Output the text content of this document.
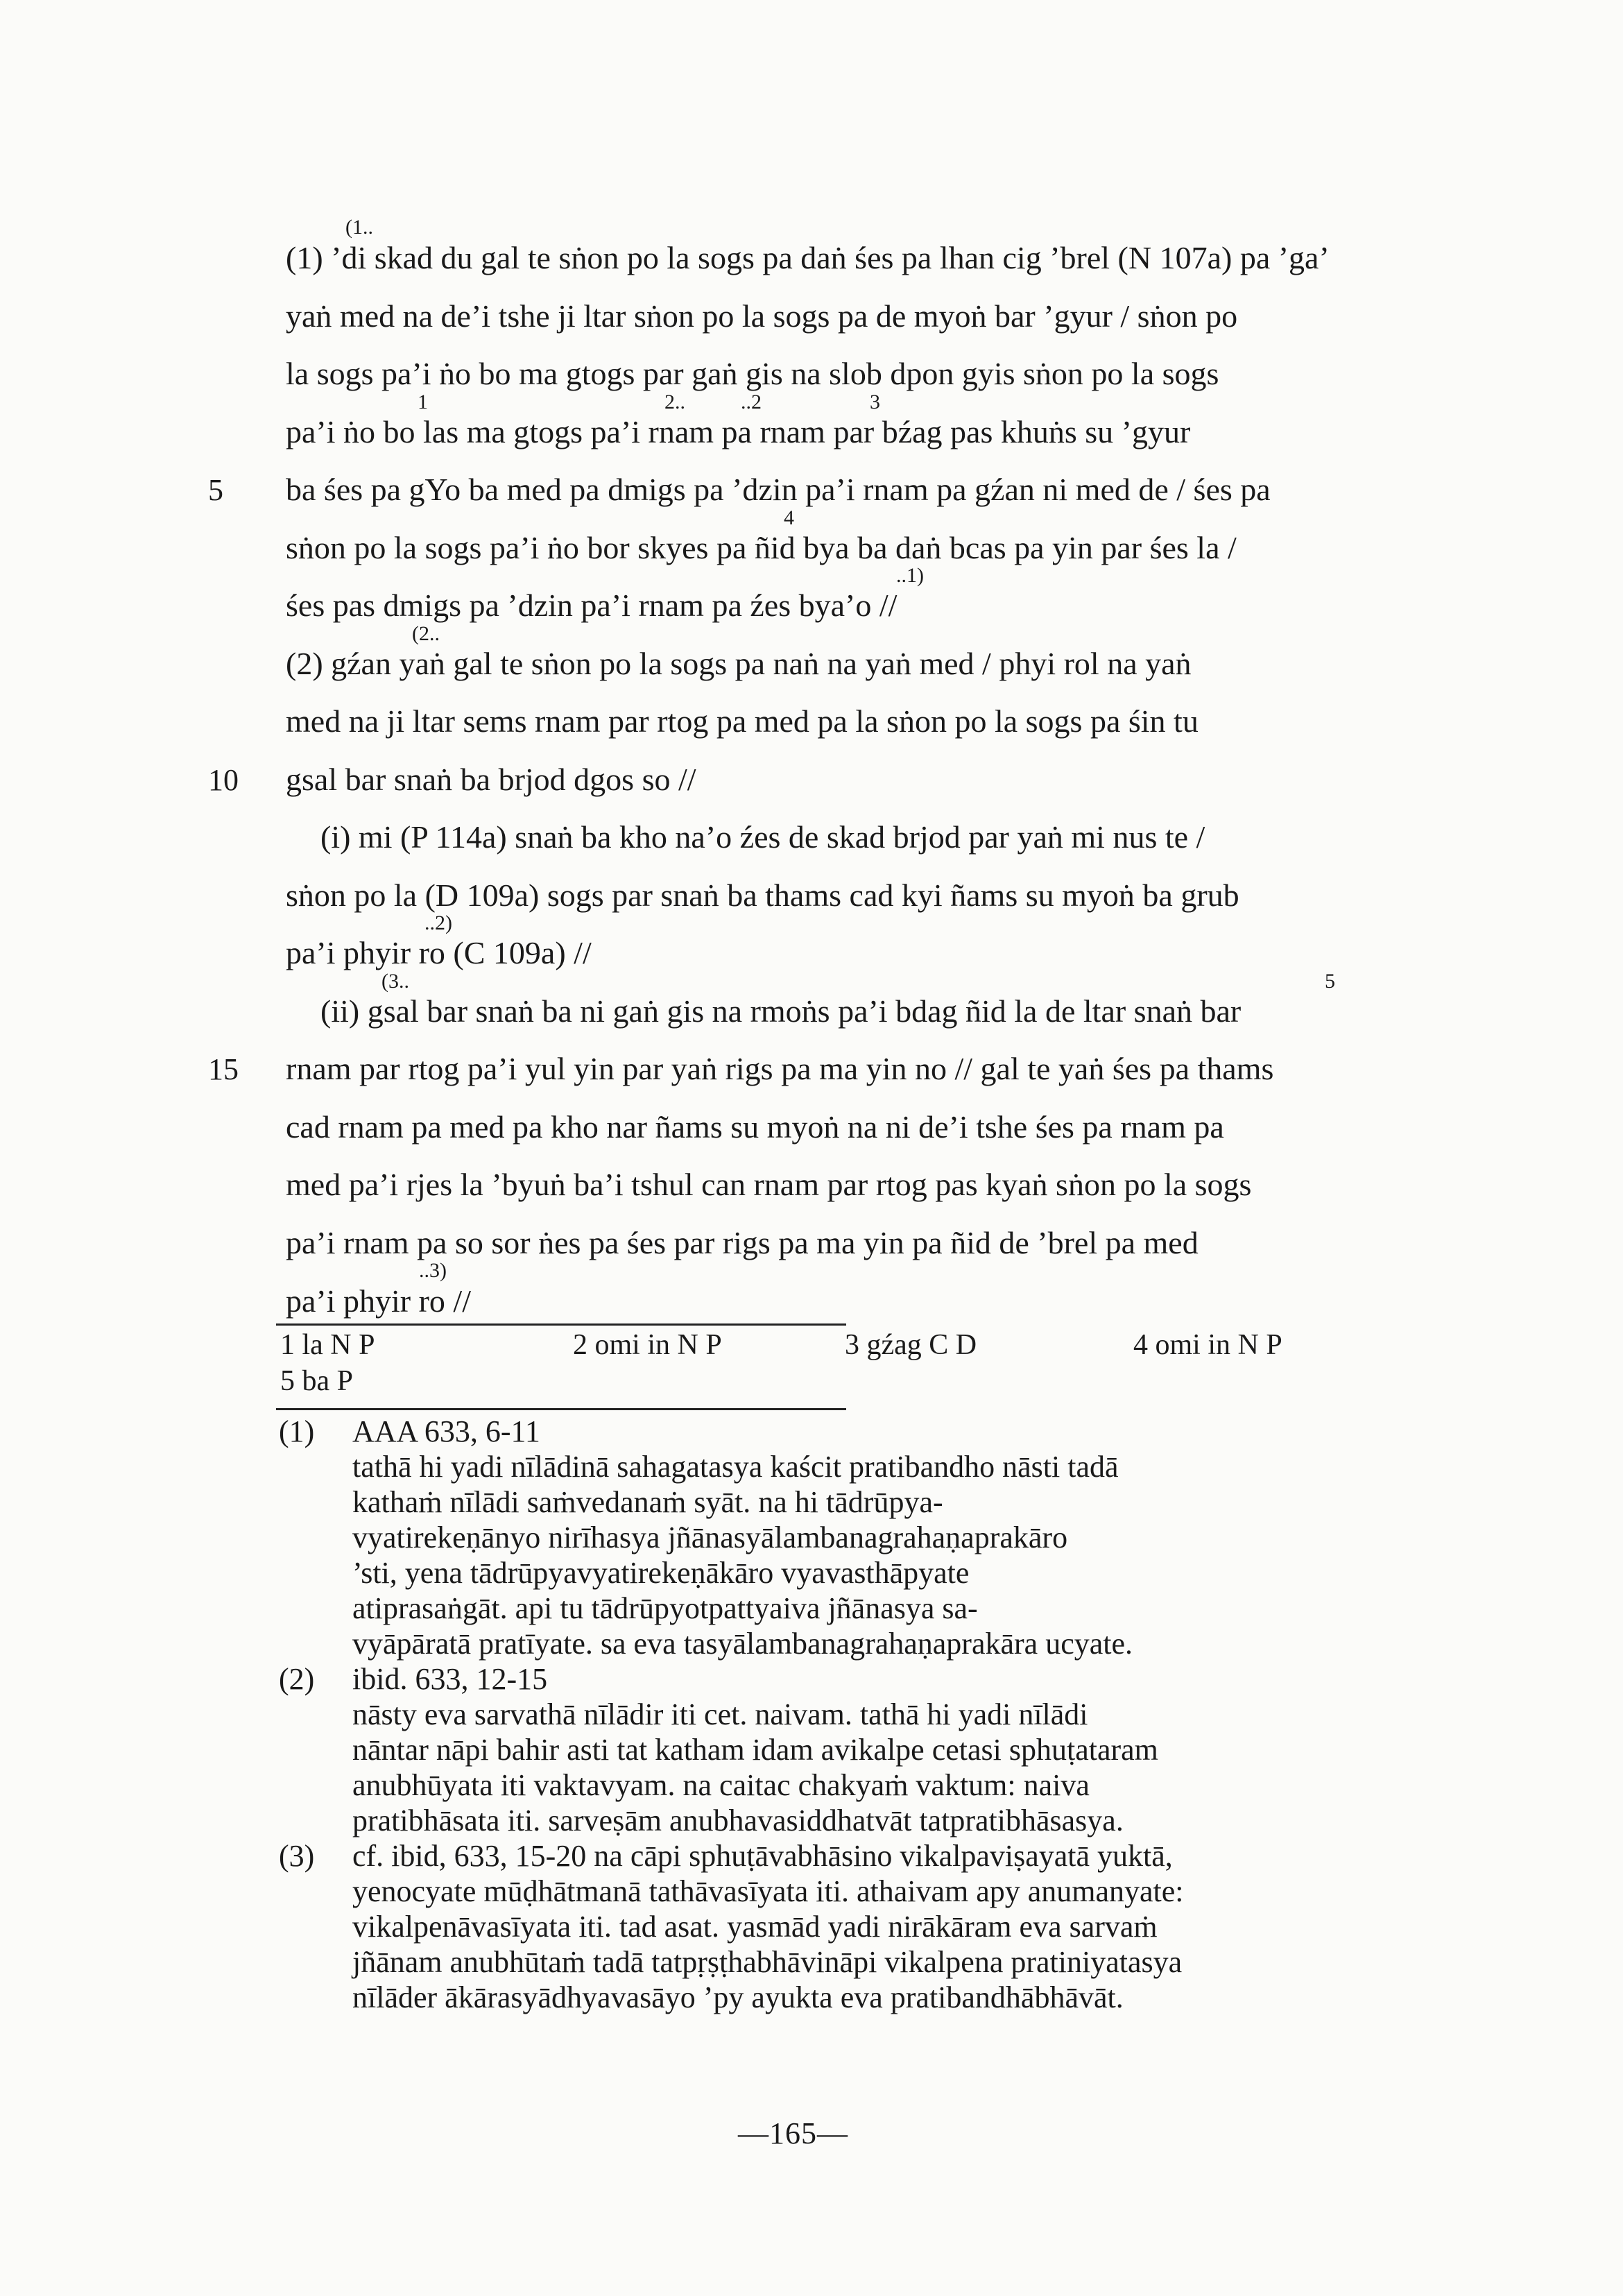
(1) ’di skad du gal te sṅon po la sogs pa daṅ śes pa lhan cig ’brel (N 107a) pa ’ga’
yaṅ med na de’i tshe ji ltar sṅon po la sogs pa de myoṅ bar ’gyur / sṅon po
la sogs pa’i ṅo bo ma gtogs par gaṅ gis na slob dpon gyis sṅon po la sogs
pa’i ṅo bo las ma gtogs pa’i rnam pa rnam par bźag pas khuṅs su ’gyur
ba śes pa gYo ba med pa dmigs pa ’dzin pa’i rnam pa gźan ni med de / śes pa
sṅon po la sogs pa’i ṅo bor skyes pa ñid bya ba daṅ bcas pa yin par śes la /
śes pas dmigs pa ’dzin pa’i rnam pa źes bya’o //
(2) gźan yaṅ gal te sṅon po la sogs pa naṅ na yaṅ med / phyi rol na yaṅ
med na ji ltar sems rnam par rtog pa med pa la sṅon po la sogs pa śin tu
gsal bar snaṅ ba brjod dgos so //
(i) mi (P 114a) snaṅ ba kho na’o źes de skad brjod par yaṅ mi nus te /
sṅon po la (D 109a) sogs par snaṅ ba thams cad kyi ñams su myoṅ ba grub
pa’i phyir ro (C 109a) //
(ii) gsal bar snaṅ ba ni gaṅ gis na rmoṅs pa’i bdag ñid la de ltar snaṅ bar
rnam par rtog pa’i yul yin par yaṅ rigs pa ma yin no // gal te yaṅ śes pa thams
cad rnam pa med pa kho nar ñams su myoṅ na ni de’i tshe śes pa rnam pa
med pa’i rjes la ’byuṅ ba’i tshul can rnam par rtog pas kyaṅ sṅon po la sogs
pa’i rnam pa so sor ṅes pa śes par rigs pa ma yin pa ñid de ’brel pa med
pa’i phyir ro //
5
10
15
(1..
2..	..2
1	3
4
..1)
(2..
..2)
(3..	5
..3)
1 la N P	2 omi in N P	3 gźag C D	4 omi in N P
5 ba P
(1)
(2)
(3)
AAA 633, 6-11
tathā hi yadi nīlādinā sahagatasya kaścit pratibandho nāsti tadā
kathaṁ nīlādi saṁvedanaṁ syāt. na hi tādrūpya-
vyatirekeṇānyo nirīhasya jñānasyālambanagrahaṇaprakāro
’sti, yena tādrūpyavyatirekeṇākāro vyavasthāpyate
atiprasaṅgāt. api tu tādrūpyotpattyaiva jñānasya sa-
vyāpāratā pratīyate. sa eva tasyālambanagrahaṇaprakāra ucyate.
ibid. 633, 12-15
nāsty eva sarvathā nīlādir iti cet. naivam. tathā hi yadi nīlādi
nāntar nāpi bahir asti tat katham idam avikalpe cetasi sphuṭataram
anubhūyata iti vaktavyam. na caitac chakyaṁ vaktum: naiva
pratibhāsata iti. sarveṣām anubhavasiddhatvāt tatpratibhāsasya.
cf. ibid, 633, 15-20 na cāpi sphuṭāvabhāsino vikalpaviṣayatā yuktā,
yenocyate mūḍhātmanā tathāvasīyata iti. athaivam apy anumanyate:
vikalpenāvasīyata iti. tad asat. yasmād yadi nirākāram eva sarvaṁ
jñānam anubhūtaṁ tadā tatpṛṣṭhabhāvināpi vikalpena pratiniyatasya
nīlāder ākārasyādhyavasāyo ’py ayukta eva pratibandhābhāvāt.
—165—
